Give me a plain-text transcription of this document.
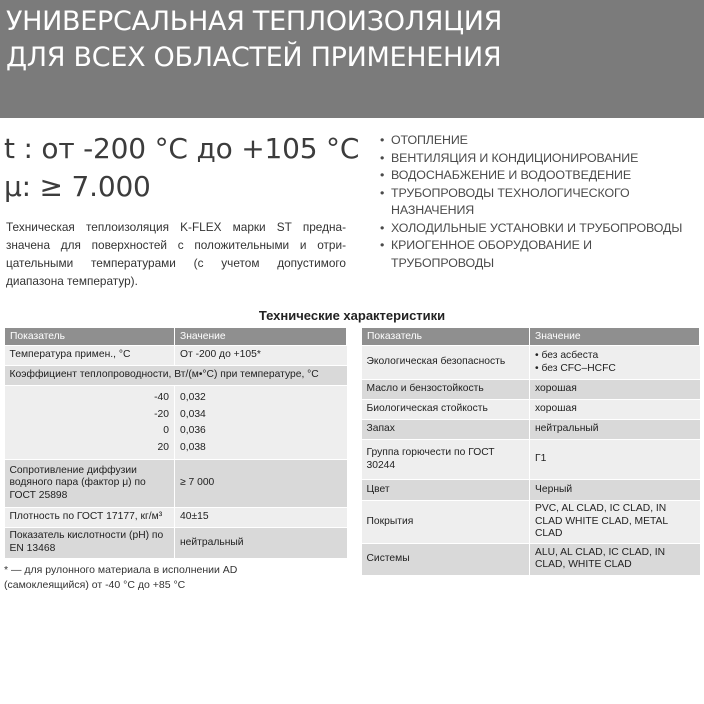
УНИВЕРСАЛЬНАЯ ТЕПЛОИЗОЛЯЦИЯ
ДЛЯ ВСЕХ ОБЛАСТЕЙ ПРИМЕНЕНИЯ
t : от -200 °C до +105 °C
μ: ≥ 7.000
Техническая теплоизоляция K-FLEX марки ST предна-
значена для поверхностей с положительными и отри-
цательными температурами (с учетом допустимого
диапазона температур).
• ОТОПЛЕНИЕ
• ВЕНТИЛЯЦИЯ И КОНДИЦИОНИРОВАНИЕ
• ВОДОСНАБЖЕНИЕ И ВОДООТВЕДЕНИЕ
• ТРУБОПРОВОДЫ ТЕХНОЛОГИЧЕСКОГО НАЗНАЧЕНИЯ
• ХОЛОДИЛЬНЫЕ УСТАНОВКИ И ТРУБОПРОВОДЫ
• КРИОГЕННОЕ ОБОРУДОВАНИЕ И ТРУБОПРОВОДЫ
Технические характеристики
Показатель	Значение
Температура примен., °C	От -200 до +105*
Коэффициент теплопроводности, Вт/(м•°C) при температуре, °C	
-40	0,032
-20	0,034
0	0,036
20	0,038
Сопротивление диффузии водяного пара (фактор μ) по ГОСТ 25898	≥ 7 000
Плотность по ГОСТ 17177, кг/м³	40±15
Показатель кислотности (pH) по EN 13468	нейтральный
Показатель	Значение
Экологическая безопасность	• без асбеста
• без CFC–HCFC
Масло и бензостойкость	хорошая
Биологическая стойкость	хорошая
Запах	нейтральный
Группа горючести по ГОСТ 30244	Г1
Цвет	Черный
Покрытия	PVC, AL CLAD, IC CLAD, IN CLAD WHITE CLAD, METAL CLAD
Системы	ALU, AL CLAD, IC CLAD, IN CLAD, WHITE CLAD
* — для рулонного материала в исполнении AD
(самоклеящийся) от -40 °C до +85 °C
